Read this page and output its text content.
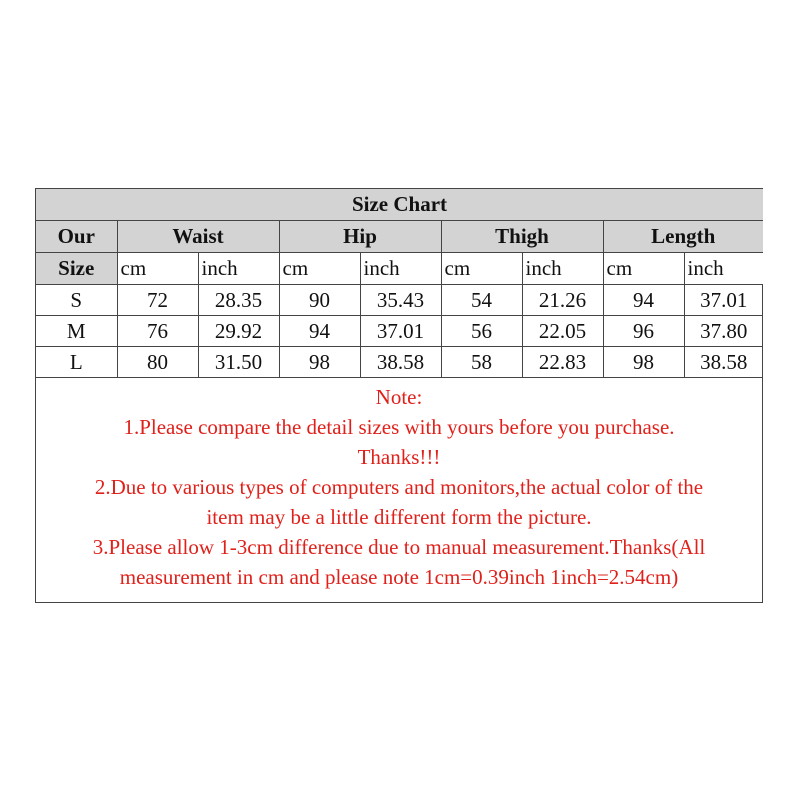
Size Chart								
Our	Waist		Hip		Thigh		Length	
Size	cm	inch	cm	inch	cm	inch	cm	inch
S	72	28.35	90	35.43	54	21.26	94	37.01
M	76	29.92	94	37.01	56	22.05	96	37.80
L	80	31.50	98	38.58	58	22.83	98	38.58

Note:

1.Please compare the detail sizes with yours before you purchase.

Thanks!!!

2.Due to various types of computers and monitors,the actual color of the

item may be a little different form the picture.

3.Please allow 1-3cm difference due to manual measurement.Thanks(All

measurement in cm and please note 1cm=0.39inch 1inch=2.54cm)
